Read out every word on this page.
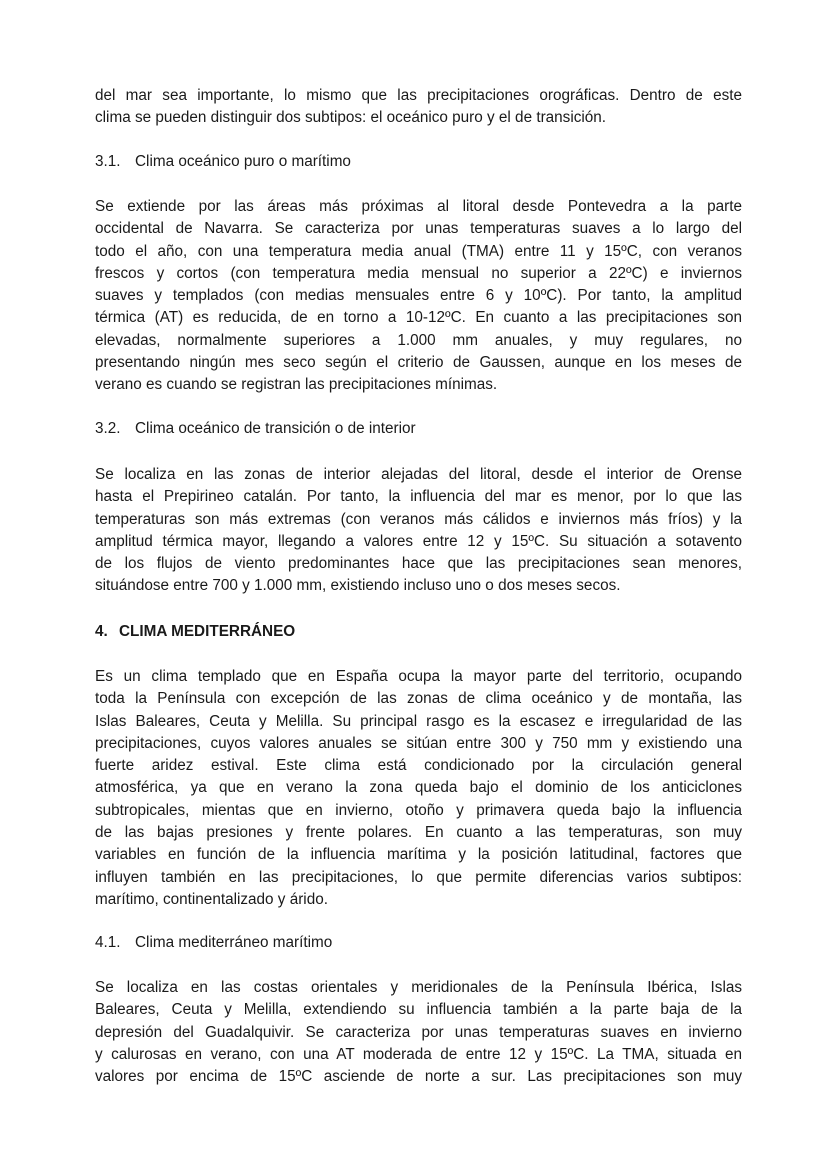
del mar sea importante, lo mismo que las precipitaciones orográficas. Dentro de este
clima se pueden distinguir dos subtipos: el oceánico puro y el de transición.
3.1. Clima oceánico puro o marítimo
Se extiende por las áreas más próximas al litoral desde Pontevedra a la parte
occidental de Navarra. Se caracteriza por unas temperaturas suaves a lo largo del
todo el año, con una temperatura media anual (TMA) entre 11 y 15ºC, con veranos
frescos y cortos (con temperatura media mensual no superior a 22ºC) e inviernos
suaves y templados (con medias mensuales entre 6 y 10ºC). Por tanto, la amplitud
térmica (AT) es reducida, de en torno a 10-12ºC. En cuanto a las precipitaciones son
elevadas, normalmente superiores a 1.000 mm anuales, y muy regulares, no
presentando ningún mes seco según el criterio de Gaussen, aunque en los meses de
verano es cuando se registran las precipitaciones mínimas.
3.2. Clima oceánico de transición o de interior
Se localiza en las zonas de interior alejadas del litoral, desde el interior de Orense
hasta el Prepirineo catalán. Por tanto, la influencia del mar es menor, por lo que las
temperaturas son más extremas (con veranos más cálidos e inviernos más fríos) y la
amplitud térmica mayor, llegando a valores entre 12 y 15ºC. Su situación a sotavento
de los flujos de viento predominantes hace que las precipitaciones sean menores,
situándose entre 700 y 1.000 mm, existiendo incluso uno o dos meses secos.
4. CLIMA MEDITERRÁNEO
Es un clima templado que en España ocupa la mayor parte del territorio, ocupando
toda la Península con excepción de las zonas de clima oceánico y de montaña, las
Islas Baleares, Ceuta y Melilla. Su principal rasgo es la escasez e irregularidad de las
precipitaciones, cuyos valores anuales se sitúan entre 300 y 750 mm y existiendo una
fuerte aridez estival. Este clima está condicionado por la circulación general
atmosférica, ya que en verano la zona queda bajo el dominio de los anticiclones
subtropicales, mientas que en invierno, otoño y primavera queda bajo la influencia
de las bajas presiones y frente polares. En cuanto a las temperaturas, son muy
variables en función de la influencia marítima y la posición latitudinal, factores que
influyen también en las precipitaciones, lo que permite diferencias varios subtipos:
marítimo, continentalizado y árido.
4.1. Clima mediterráneo marítimo
Se localiza en las costas orientales y meridionales de la Península Ibérica, Islas
Baleares, Ceuta y Melilla, extendiendo su influencia también a la parte baja de la
depresión del Guadalquivir. Se caracteriza por unas temperaturas suaves en invierno
y calurosas en verano, con una AT moderada de entre 12 y 15ºC. La TMA, situada en
valores por encima de 15ºC asciende de norte a sur. Las precipitaciones son muy
